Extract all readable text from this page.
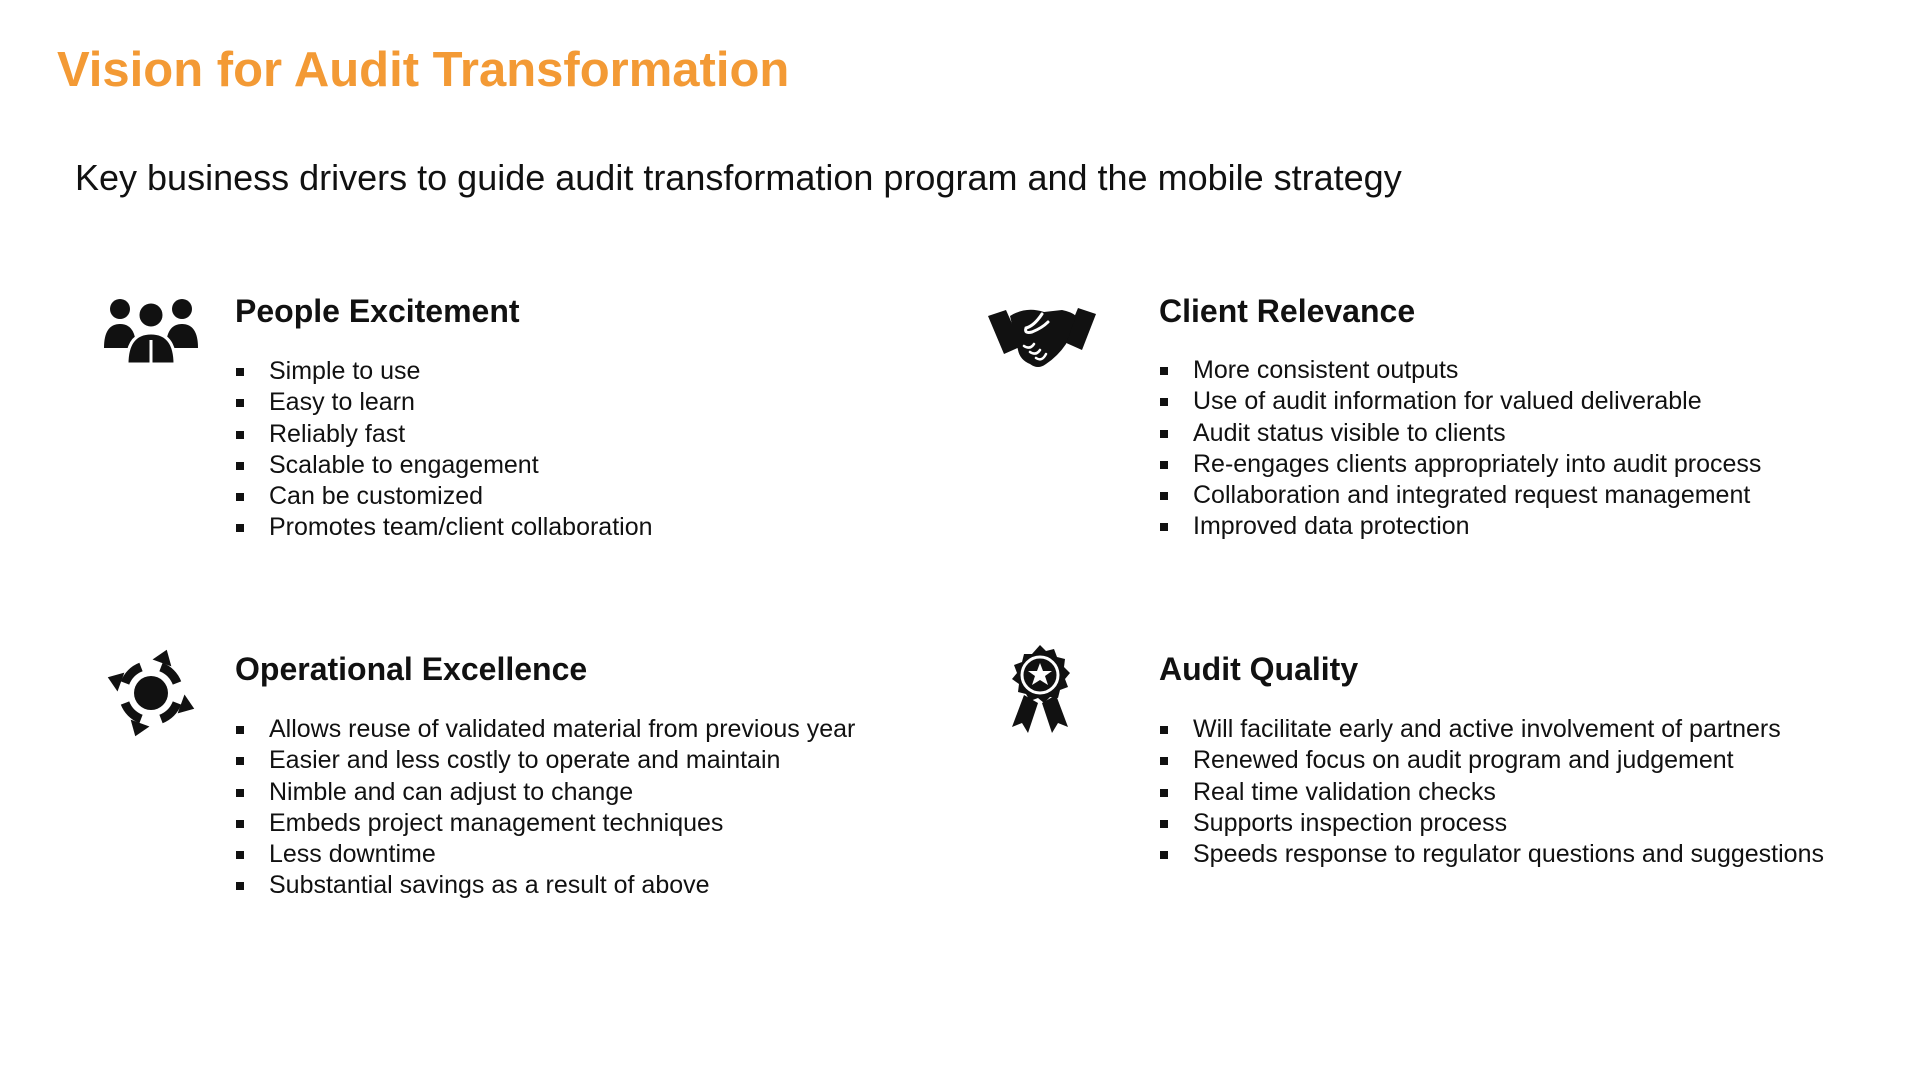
Vision for Audit Transformation
Key business drivers to guide audit transformation program and the mobile strategy
People Excitement
Simple to use
Easy to learn
Reliably fast
Scalable to engagement
Can be customized
Promotes team/client collaboration
Client Relevance
More consistent outputs
Use of audit information for valued deliverable
Audit status visible to clients
Re-engages clients appropriately into audit process
Collaboration and integrated request management
Improved data protection
Operational Excellence
Allows reuse of validated material from previous year
Easier and less costly to operate and maintain
Nimble and can adjust to change
Embeds project management techniques
Less downtime
Substantial savings as a result of above
Audit Quality
Will facilitate early and active involvement of partners
Renewed focus on audit program and judgement
Real time validation checks
Supports inspection process
Speeds response to regulator questions and suggestions
